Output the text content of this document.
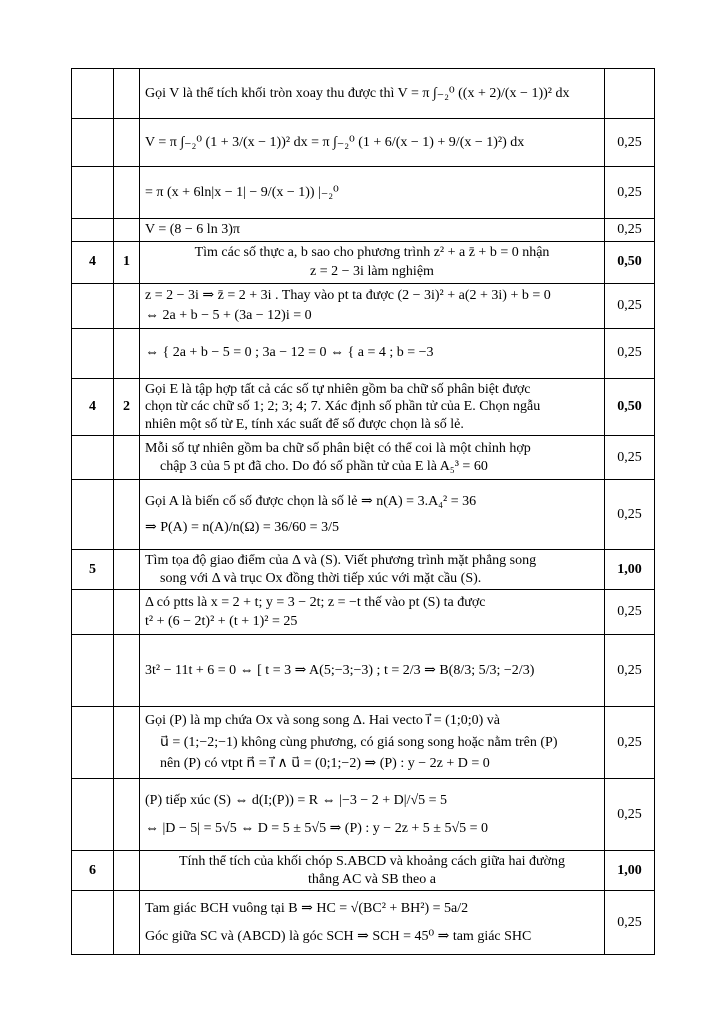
		Gọi V là thể tích khối tròn xoay thu được thì V = π ∫₋₂⁰ ((x + 2)/(x − 1))² dx	

		V = π ∫₋₂⁰ (1 + 3/(x − 1))² dx = π ∫₋₂⁰ (1 + 6/(x − 1) + 9/(x − 1)²) dx	0,25

		= π (x + 6ln|x − 1| − 9/(x − 1)) |₋₂⁰	0,25

		V = (8 − 6 ln 3)π	0,25
4	1	Tìm các số thực a, b sao cho phương trình z² + a z̄ + b = 0 nhận
z = 2 − 3i làm nghiệm	0,50

		z = 2 − 3i ⇒ z̄ = 2 + 3i . Thay vào pt ta được (2 − 3i)² + a(2 + 3i) + b = 0
⇔ 2a + b − 5 + (3a − 12)i = 0	0,25

		⇔ { 2a + b − 5 = 0 ; 3a − 12 = 0 ⇔ { a = 4 ; b = −3	0,25
4	2	Gọi E là tập hợp tất cả các số tự nhiên gồm ba chữ số phân biệt được
chọn từ các chữ số 1; 2; 3; 4; 7. Xác định số phần tử của E. Chọn ngẫu
nhiên một số từ E, tính xác suất để số được chọn là số lẻ.	0,50

		Mỗi số tự nhiên gồm ba chữ số phân biệt có thể coi là một chỉnh hợp
chập 3 của 5 pt đã cho. Do đó số phần tử của E là A₅³ = 60	0,25

		Gọi A là biến cố số được chọn là số lẻ ⇒ n(A) = 3.A₄² = 36
⇒ P(A) = n(A)/n(Ω) = 36/60 = 3/5	0,25
5		Tìm tọa độ giao điểm của Δ và (S). Viết phương trình mặt phẳng song
song với Δ và trục Ox đồng thời tiếp xúc với mặt cầu (S).	1,00

		Δ có ptts là x = 2 + t; y = 3 − 2t; z = −t thế vào pt (S) ta được
t² + (6 − 2t)² + (t + 1)² = 25	0,25

		3t² − 11t + 6 = 0 ⇔ [ t = 3 ⇒ A(5;−3;−3) ; t = 2/3 ⇒ B(8/3; 5/3; −2/3)	0,25

		Gọi (P) là mp chứa Ox và song song Δ. Hai vecto i⃗ = (1;0;0) và
u⃗ = (1;−2;−1) không cùng phương, có giá song song hoặc nằm trên (P)
nên (P) có vtpt n⃗ = i⃗ ∧ u⃗ = (0;1;−2) ⇒ (P) : y − 2z + D = 0	0,25

		(P) tiếp xúc (S) ⇔ d(I;(P)) = R ⇔ |−3 − 2 + D|/√5 = 5
⇔ |D − 5| = 5√5 ⇔ D = 5 ± 5√5 ⇒ (P) : y − 2z + 5 ± 5√5 = 0	0,25
6		Tính thể tích của khối chóp S.ABCD và khoảng cách giữa hai đường
thẳng AC và SB theo a	1,00

		Tam giác BCH vuông tại B ⇒ HC = √(BC² + BH²) = 5a/2
Góc giữa SC và (ABCD) là góc SCH ⇒ SCH = 45⁰ ⇒ tam giác SHC	0,25
